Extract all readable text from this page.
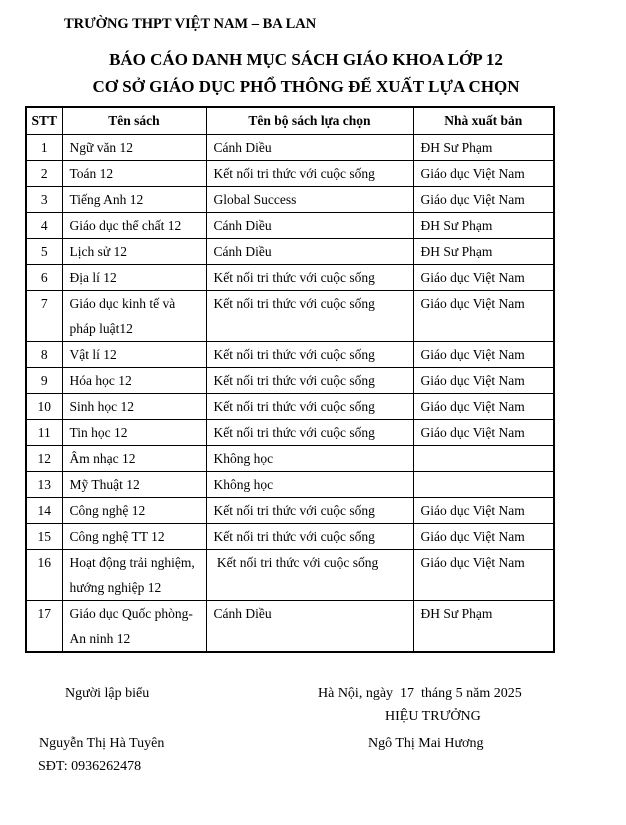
TRƯỜNG THPT VIỆT NAM – BA LAN
BÁO CÁO DANH MỤC SÁCH GIÁO KHOA LỚP 12
CƠ SỞ GIÁO DỤC PHỔ THÔNG ĐỂ XUẤT LỰA CHỌN
STT	Tên sách	Tên bộ sách lựa chọn	Nhà xuất bản
1	Ngữ văn 12	Cánh Diều	ĐH Sư Phạm
2	Toán 12	Kết nối tri thức với cuộc sống	Giáo dục Việt Nam
3	Tiếng Anh 12	Global Success	Giáo dục Việt Nam
4	Giáo dục thể chất 12	Cánh Diều	ĐH Sư Phạm
5	Lịch sử 12	Cánh Diều	ĐH Sư Phạm
6	Địa lí 12	Kết nối tri thức với cuộc sống	Giáo dục Việt Nam
7	Giáo dục kinh tế và pháp luật12	Kết nối tri thức với cuộc sống	Giáo dục Việt Nam
8	Vật lí 12	Kết nối tri thức với cuộc sống	Giáo dục Việt Nam
9	Hóa học 12	Kết nối tri thức với cuộc sống	Giáo dục Việt Nam
10	Sinh học 12	Kết nối tri thức với cuộc sống	Giáo dục Việt Nam
11	Tin học 12	Kết nối tri thức với cuộc sống	Giáo dục Việt Nam
12	Âm nhạc 12	Không học	
13	Mỹ Thuật 12	Không học	
14	Công nghệ 12	Kết nối tri thức với cuộc sống	Giáo dục Việt Nam
15	Công nghệ TT 12	Kết nối tri thức với cuộc sống	Giáo dục Việt Nam
16	Hoạt động trải nghiệm, hướng nghiệp 12	Kết nối tri thức với cuộc sống	Giáo dục Việt Nam
17	Giáo dục Quốc phòng- An ninh 12	Cánh Diều	ĐH Sư Phạm
Người lập biểu	Hà Nội, ngày  17  tháng 5 năm 2025
HIỆU TRƯỞNG
Nguyễn Thị Hà Tuyên	Ngô Thị Mai Hương
SĐT: 0936262478
